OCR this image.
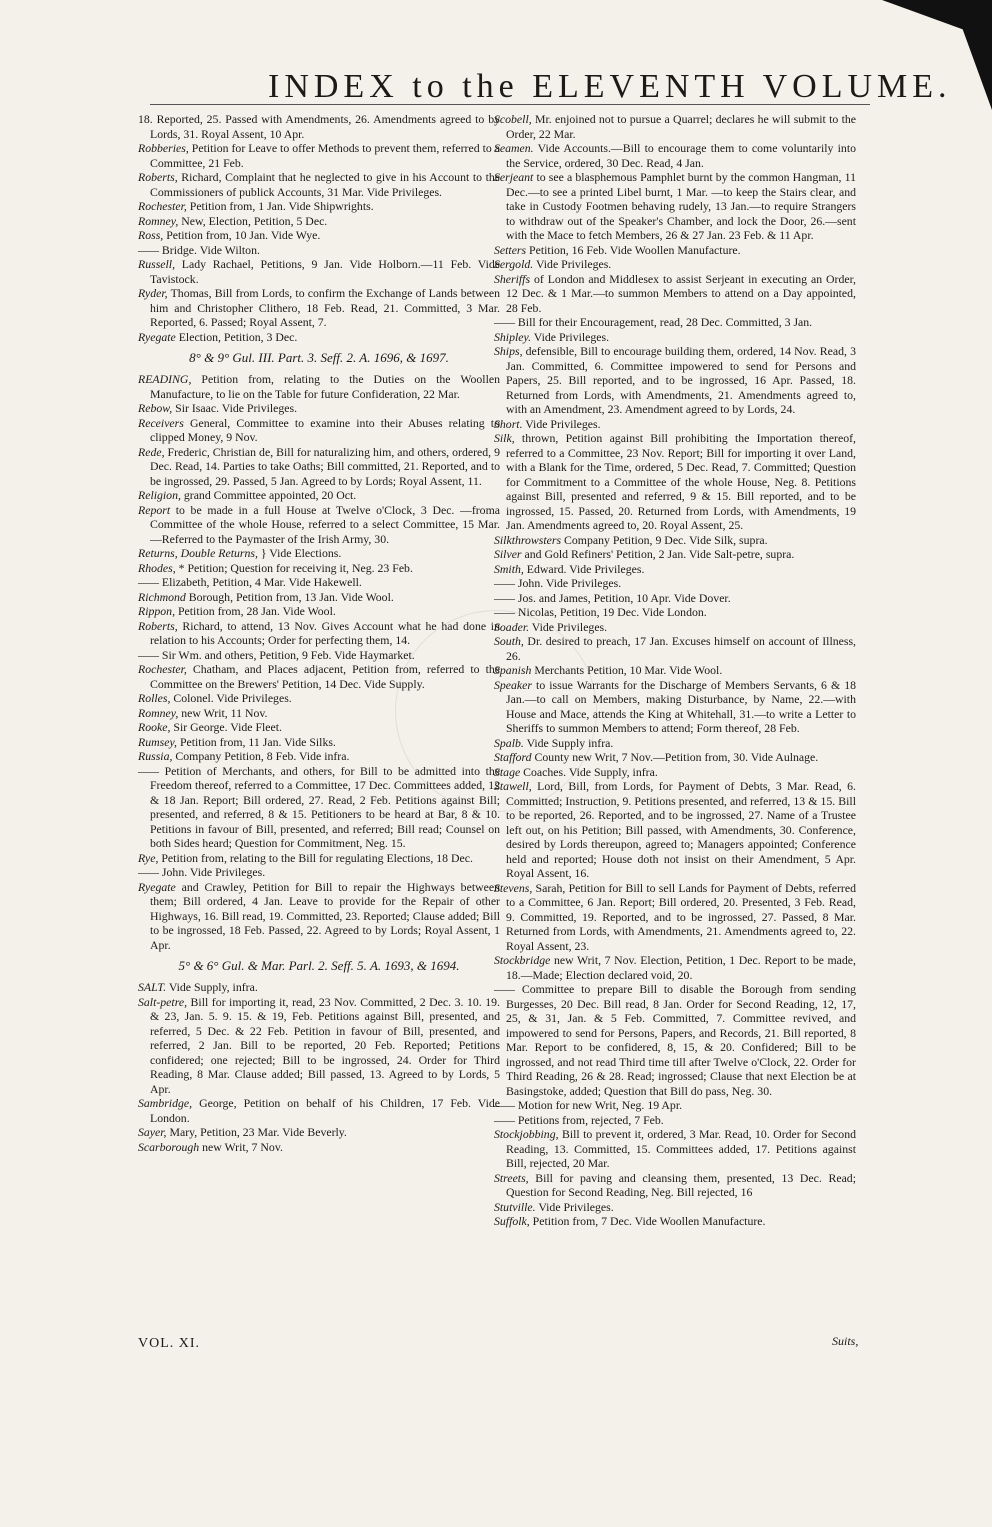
INDEX to the ELEVENTH VOLUME.

18. Reported, 25. Passed with Amendments, 26. Amendments agreed to by Lords, 31. Royal Assent, 10 Apr.

Robberies, Petition for Leave to offer Methods to prevent them, referred to a Committee, 21 Feb.

Roberts, Richard, Complaint that he neglected to give in his Account to the Commissioners of publick Accounts, 31 Mar. Vide Privileges.

Rochester, Petition from, 1 Jan. Vide Shipwrights.

Romney, New, Election, Petition, 5 Dec.

Ross, Petition from, 10 Jan. Vide Wye.

—— Bridge. Vide Wilton.

Russell, Lady Rachael, Petitions, 9 Jan. Vide Holborn.—11 Feb. Vide Tavistock.

Ryder, Thomas, Bill from Lords, to confirm the Exchange of Lands between him and Christopher Clithero, 18 Feb. Read, 21. Committed, 3 Mar. Reported, 6. Passed; Royal Assent, 7.

Ryegate Election, Petition, 3 Dec.

8° & 9° Gul. III. Part. 3. Seff. 2. A. 1696, & 1697.

READING, Petition from, relating to the Duties on the Woollen Manufacture, to lie on the Table for future Confideration, 22 Mar.

Rebow, Sir Isaac. Vide Privileges.

Receivers General, Committee to examine into their Abuses relating to clipped Money, 9 Nov.

Rede, Frederic, Christian de, Bill for naturalizing him, and others, ordered, 9 Dec. Read, 14. Parties to take Oaths; Bill committed, 21. Reported, and to be ingrossed, 29. Passed, 5 Jan. Agreed to by Lords; Royal Assent, 11.

Religion, grand Committee appointed, 20 Oct.

Report to be made in a full House at Twelve o'Clock, 3 Dec. —froma Committee of the whole House, referred to a select Committee, 15 Mar.—Referred to the Paymaster of the Irish Army, 30.

Returns, Double Returns, } Vide Elections.

Rhodes, * Petition; Question for receiving it, Neg. 23 Feb.

—— Elizabeth, Petition, 4 Mar. Vide Hakewell.

Richmond Borough, Petition from, 13 Jan. Vide Wool.

Rippon, Petition from, 28 Jan. Vide Wool.

Roberts, Richard, to attend, 13 Nov. Gives Account what he had done in relation to his Accounts; Order for perfecting them, 14.

—— Sir Wm. and others, Petition, 9 Feb. Vide Haymarket.

Rochester, Chatham, and Places adjacent, Petition from, referred to the Committee on the Brewers' Petition, 14 Dec. Vide Supply.

Rolles, Colonel. Vide Privileges.

Romney, new Writ, 11 Nov.

Rooke, Sir George. Vide Fleet.

Rumsey, Petition from, 11 Jan. Vide Silks.

Russia, Company Petition, 8 Feb. Vide infra.

—— Petition of Merchants, and others, for Bill to be admitted into the Freedom thereof, referred to a Committee, 17 Dec. Committees added, 12 & 18 Jan. Report; Bill ordered, 27. Read, 2 Feb. Petitions against Bill; presented, and referred, 8 & 15. Petitioners to be heard at Bar, 8 & 10. Petitions in favour of Bill, presented, and referred; Bill read; Counsel on both Sides heard; Question for Commitment, Neg. 15.

Rye, Petition from, relating to the Bill for regulating Elections, 18 Dec.

—— John. Vide Privileges.

Ryegate and Crawley, Petition for Bill to repair the Highways between them; Bill ordered, 4 Jan. Leave to provide for the Repair of other Highways, 16. Bill read, 19. Committed, 23. Reported; Clause added; Bill to be ingrossed, 18 Feb. Passed, 22. Agreed to by Lords; Royal Assent, 1 Apr.

5° & 6° Gul. & Mar. Parl. 2. Seff. 5. A. 1693, & 1694.

SALT. Vide Supply, infra.

Salt-petre, Bill for importing it, read, 23 Nov. Committed, 2 Dec. 3. 10. 19. & 23, Jan. 5. 9. 15. & 19, Feb. Petitions against Bill, presented, and referred, 5 Dec. & 22 Feb. Petition in favour of Bill, presented, and referred, 2 Jan. Bill to be reported, 20 Feb. Reported; Petitions confidered; one rejected; Bill to be ingrossed, 24. Order for Third Reading, 8 Mar. Clause added; Bill passed, 13. Agreed to by Lords, 5 Apr.

Sambridge, George, Petition on behalf of his Children, 17 Feb. Vide London.

Sayer, Mary, Petition, 23 Mar. Vide Beverly.

Scarborough new Writ, 7 Nov.

Scobell, Mr. enjoined not to pursue a Quarrel; declares he will submit to the Order, 22 Mar.

Seamen. Vide Accounts.—Bill to encourage them to come voluntarily into the Service, ordered, 30 Dec. Read, 4 Jan.

Serjeant to see a blasphemous Pamphlet burnt by the common Hangman, 11 Dec.—to see a printed Libel burnt, 1 Mar. —to keep the Stairs clear, and take in Custody Footmen behaving rudely, 13 Jan.—to require Strangers to withdraw out of the Speaker's Chamber, and lock the Door, 26.—sent with the Mace to fetch Members, 26 & 27 Jan. 23 Feb. & 11 Apr.

Setters Petition, 16 Feb. Vide Woollen Manufacture.

Sergold. Vide Privileges.

Sheriffs of London and Middlesex to assist Serjeant in executing an Order, 12 Dec. & 1 Mar.—to summon Members to attend on a Day appointed, 28 Feb.

—— Bill for their Encouragement, read, 28 Dec. Committed, 3 Jan.

Shipley. Vide Privileges.

Ships, defensible, Bill to encourage building them, ordered, 14 Nov. Read, 3 Jan. Committed, 6. Committee impowered to send for Persons and Papers, 25. Bill reported, and to be ingrossed, 16 Apr. Passed, 18. Returned from Lords, with Amendments, 21. Amendments agreed to, with an Amendment, 23. Amendment agreed to by Lords, 24.

Short. Vide Privileges.

Silk, thrown, Petition against Bill prohibiting the Importation thereof, referred to a Committee, 23 Nov. Report; Bill for importing it over Land, with a Blank for the Time, ordered, 5 Dec. Read, 7. Committed; Question for Commitment to a Committee of the whole House, Neg. 8. Petitions against Bill, presented and referred, 9 & 15. Bill reported, and to be ingrossed, 15. Passed, 20. Returned from Lords, with Amendments, 19 Jan. Amendments agreed to, 20. Royal Assent, 25.

Silkthrowsters Company Petition, 9 Dec. Vide Silk, supra.

Silver and Gold Refiners' Petition, 2 Jan. Vide Salt-petre, supra.

Smith, Edward. Vide Privileges.

—— John. Vide Privileges.

—— Jos. and James, Petition, 10 Apr. Vide Dover.

—— Nicolas, Petition, 19 Dec. Vide London.

Soader. Vide Privileges.

South, Dr. desired to preach, 17 Jan. Excuses himself on account of Illness, 26.

Spanish Merchants Petition, 10 Mar. Vide Wool.

Speaker to issue Warrants for the Discharge of Members Servants, 6 & 18 Jan.—to call on Members, making Disturbance, by Name, 22.—with House and Mace, attends the King at Whitehall, 31.—to write a Letter to Sheriffs to summon Members to attend; Form thereof, 28 Feb.

Spalb. Vide Supply infra.

Stafford County new Writ, 7 Nov.—Petition from, 30. Vide Aulnage.

Stage Coaches. Vide Supply, infra.

Stawell, Lord, Bill, from Lords, for Payment of Debts, 3 Mar. Read, 6. Committed; Instruction, 9. Petitions presented, and referred, 13 & 15. Bill to be reported, 26. Reported, and to be ingrossed, 27. Name of a Trustee left out, on his Petition; Bill passed, with Amendments, 30. Conference, desired by Lords thereupon, agreed to; Managers appointed; Conference held and reported; House doth not insist on their Amendment, 5 Apr. Royal Assent, 16.

Stevens, Sarah, Petition for Bill to sell Lands for Payment of Debts, referred to a Committee, 6 Jan. Report; Bill ordered, 20. Presented, 3 Feb. Read, 9. Committed, 19. Reported, and to be ingrossed, 27. Passed, 8 Mar. Returned from Lords, with Amendments, 21. Amendments agreed to, 22. Royal Assent, 23.

Stockbridge new Writ, 7 Nov. Election, Petition, 1 Dec. Report to be made, 18.—Made; Election declared void, 20.

—— Committee to prepare Bill to disable the Borough from sending Burgesses, 20 Dec. Bill read, 8 Jan. Order for Second Reading, 12, 17, 25, & 31, Jan. & 5 Feb. Committed, 7. Committee revived, and impowered to send for Persons, Papers, and Records, 21. Bill reported, 8 Mar. Report to be confidered, 8, 15, & 20. Confidered; Bill to be ingrossed, and not read Third time till after Twelve o'Clock, 22. Order for Third Reading, 26 & 28. Read; ingrossed; Clause that next Election be at Basingstoke, added; Question that Bill do pass, Neg. 30.

—— Motion for new Writ, Neg. 19 Apr.

—— Petitions from, rejected, 7 Feb.

Stockjobbing, Bill to prevent it, ordered, 3 Mar. Read, 10. Order for Second Reading, 13. Committed, 15. Committees added, 17. Petitions against Bill, rejected, 20 Mar.

Streets, Bill for paving and cleansing them, presented, 13 Dec. Read; Question for Second Reading, Neg. Bill rejected, 16

Stutville. Vide Privileges.

Suffolk, Petition from, 7 Dec. Vide Woollen Manufacture.

VOL. XI.	Suits,
